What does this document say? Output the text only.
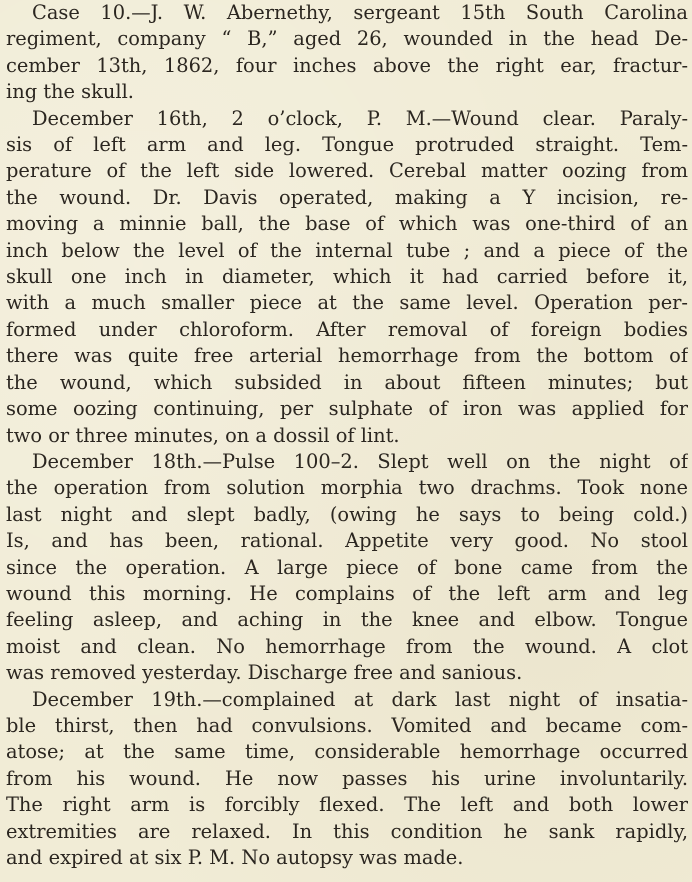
Case 10.—J. W. Abernethy, sergeant 15th South Carolina
regiment, company “ B,” aged 26, wounded in the head De-
cember 13th, 1862, four inches above the right ear, fractur-
ing the skull.
December 16th, 2 o’clock, P. M.—Wound clear. Paraly-
sis of left arm and leg. Tongue protruded straight. Tem-
perature of the left side lowered. Cerebal matter oozing from
the wound. Dr. Davis operated, making a Y incision, re-
moving a minnie ball, the base of which was one-third of an
inch below the level of the internal tube ; and a piece of the
skull one inch in diameter, which it had carried before it,
with a much smaller piece at the same level. Operation per-
formed under chloroform. After removal of foreign bodies
there was quite free arterial hemorrhage from the bottom of
the wound, which subsided in about fifteen minutes; but
some oozing continuing, per sulphate of iron was applied for
two or three minutes, on a dossil of lint.
December 18th.—Pulse 100–2. Slept well on the night of
the operation from solution morphia two drachms. Took none
last night and slept badly, (owing he says to being cold.)
Is, and has been, rational. Appetite very good. No stool
since the operation. A large piece of bone came from the
wound this morning. He complains of the left arm and leg
feeling asleep, and aching in the knee and elbow. Tongue
moist and clean. No hemorrhage from the wound. A clot
was removed yesterday. Discharge free and sanious.
December 19th.—complained at dark last night of insatia-
ble thirst, then had convulsions. Vomited and became com-
atose; at the same time, considerable hemorrhage occurred
from his wound. He now passes his urine involuntarily.
The right arm is forcibly flexed. The left and both lower
extremities are relaxed. In this condition he sank rapidly,
and expired at six P. M. No autopsy was made.
